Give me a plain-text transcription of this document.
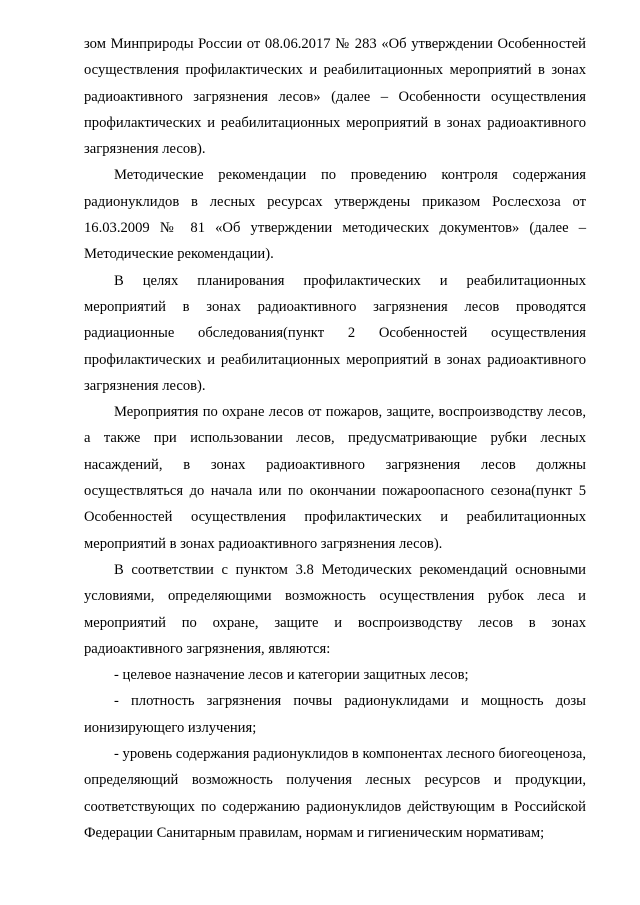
зом Минприроды России от 08.06.2017 № 283 «Об утверждении Особенностей осуществления профилактических и реабилитационных мероприятий в зонах радиоактивного загрязнения лесов» (далее – Особенности осуществления профилактических и реабилитационных мероприятий в зонах радиоактивного загрязнения лесов).

Методические рекомендации по проведению контроля содержания радионуклидов в лесных ресурсах утверждены приказом Рослесхоза от 16.03.2009 № 81 «Об утверждении методических документов» (далее – Методические рекомендации).

В целях планирования профилактических и реабилитационных мероприятий в зонах радиоактивного загрязнения лесов проводятся радиационные обследования(пункт 2 Особенностей осуществления профилактических и реабилитационных мероприятий в зонах радиоактивного загрязнения лесов).

Мероприятия по охране лесов от пожаров, защите, воспроизводству лесов, а также при использовании лесов, предусматривающие рубки лесных насаждений, в зонах радиоактивного загрязнения лесов должны осуществляться до начала или по окончании пожароопасного сезона(пункт 5 Особенностей осуществления профилактических и реабилитационных мероприятий в зонах радиоактивного загрязнения лесов).

В соответствии с пунктом 3.8 Методических рекомендаций основными условиями, определяющими возможность осуществления рубок леса и мероприятий по охране, защите и воспроизводству лесов в зонах радиоактивного загрязнения, являются:

- целевое назначение лесов и категории защитных лесов;

- плотность загрязнения почвы радионуклидами и мощность дозы ионизирующего излучения;

- уровень содержания радионуклидов в компонентах лесного биогеоценоза, определяющий возможность получения лесных ресурсов и продукции, соответствующих по содержанию радионуклидов действующим в Российской Федерации Санитарным правилам, нормам и гигиеническим нормативам;
